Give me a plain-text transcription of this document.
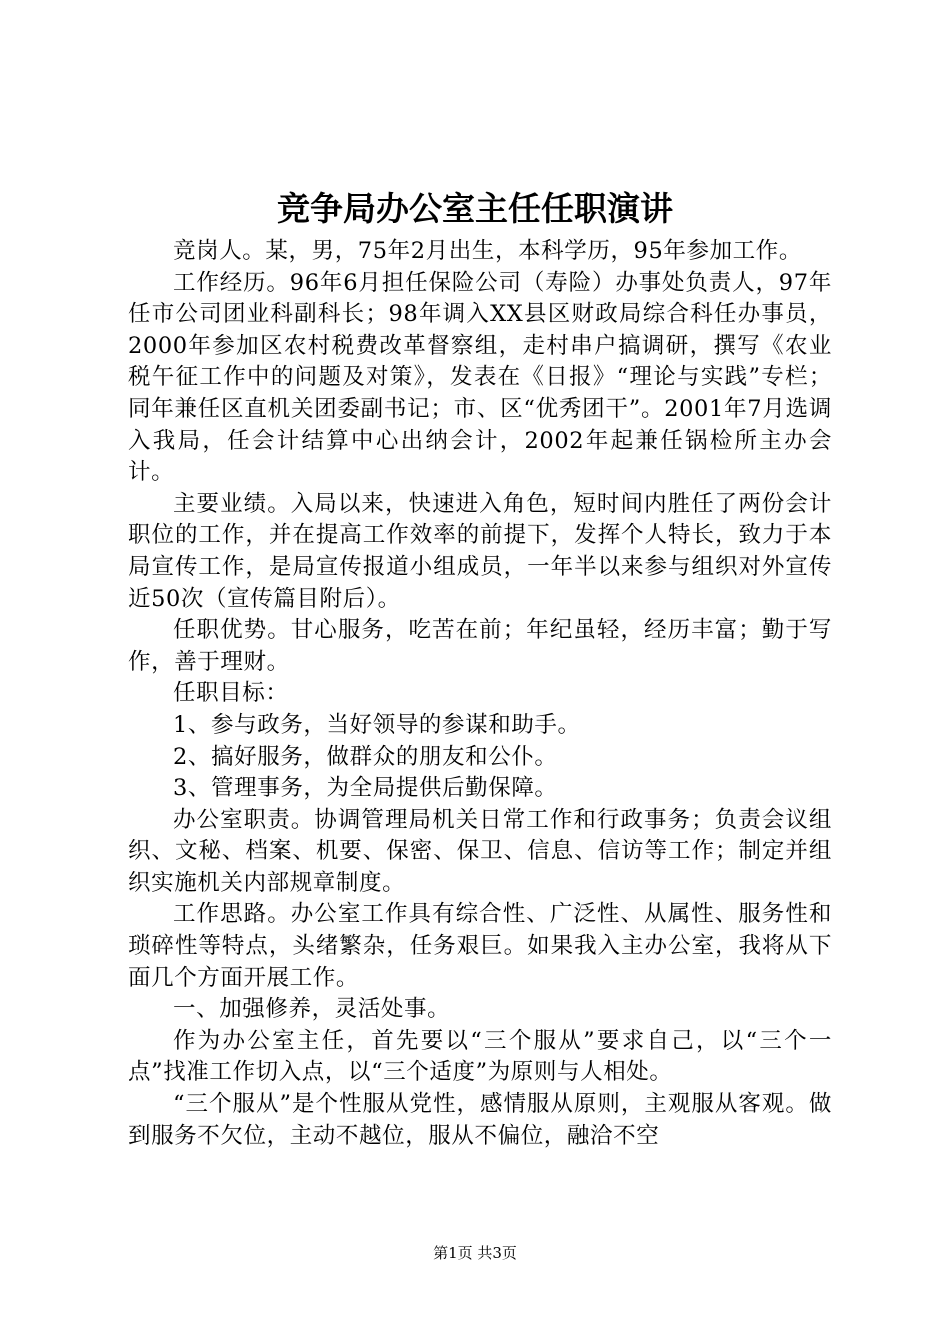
竞争局办公室主任任职演讲

竞岗人。某，男，75年2月出生，本科学历，95年参加工作。

工作经历。96年6月担任保险公司（寿险）办事处负责人，97年任市公司团业科副科长；98年调入XX县区财政局综合科任办事员，2000年参加区农村税费改革督察组，走村串户搞调研，撰写《农业税午征工作中的问题及对策》，发表在《日报》“理论与实践”专栏；同年兼任区直机关团委副书记；市、区“优秀团干”。2001年7月选调入我局，任会计结算中心出纳会计，2002年起兼任锅检所主办会计。

主要业绩。入局以来，快速进入角色，短时间内胜任了两份会计职位的工作，并在提高工作效率的前提下，发挥个人特长，致力于本局宣传工作，是局宣传报道小组成员，一年半以来参与组织对外宣传近50次（宣传篇目附后）。

任职优势。甘心服务，吃苦在前；年纪虽轻，经历丰富；勤于写作，善于理财。

任职目标：

1、参与政务，当好领导的参谋和助手。

2、搞好服务，做群众的朋友和公仆。

3、管理事务，为全局提供后勤保障。

办公室职责。协调管理局机关日常工作和行政事务；负责会议组织、文秘、档案、机要、保密、保卫、信息、信访等工作；制定并组织实施机关内部规章制度。

工作思路。办公室工作具有综合性、广泛性、从属性、服务性和琐碎性等特点，头绪繁杂，任务艰巨。如果我入主办公室，我将从下面几个方面开展工作。

一、加强修养，灵活处事。

作为办公室主任，首先要以“三个服从”要求自己，以“三个一点”找准工作切入点，以“三个适度”为原则与人相处。

“三个服从”是个性服从党性，感情服从原则，主观服从客观。做到服务不欠位，主动不越位，服从不偏位，融洽不空

第1页 共3页
